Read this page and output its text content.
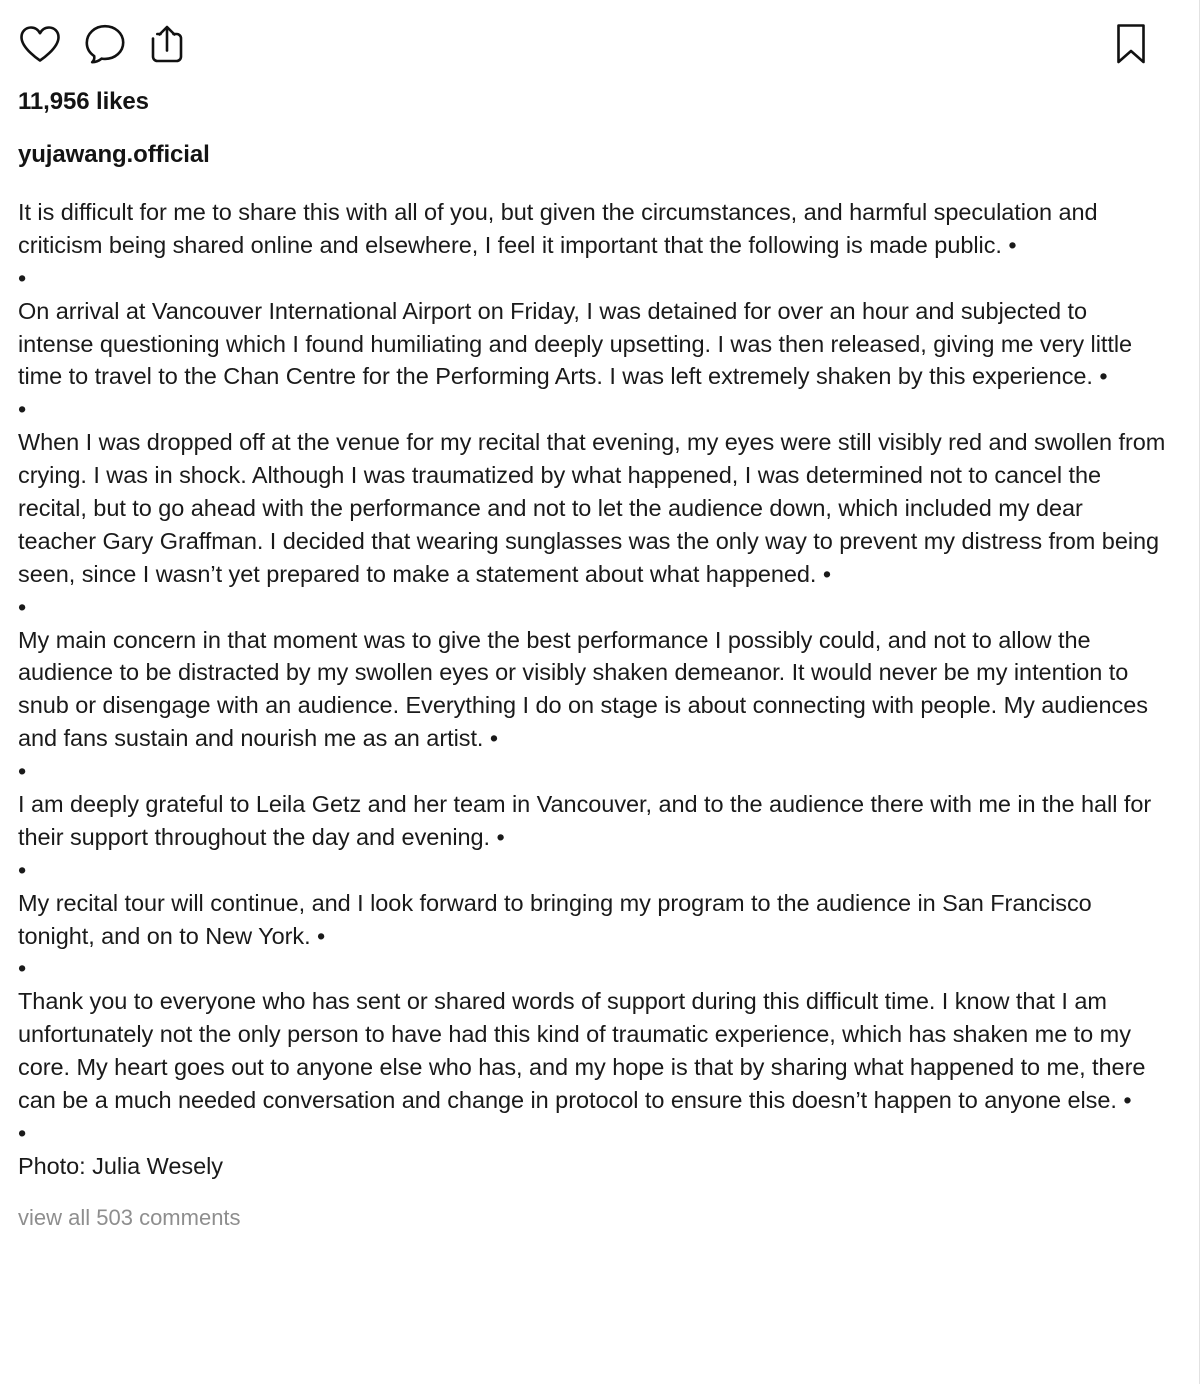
11,956 likes
yujawang.official

It is difficult for me to share this with all of you, but given the circumstances, and harmful speculation and criticism being shared online and elsewhere, I feel it important that the following is made public. •

•

On arrival at Vancouver International Airport on Friday, I was detained for over an hour and subjected to intense questioning which I found humiliating and deeply upsetting. I was then released, giving me very little time to travel to the Chan Centre for the Performing Arts. I was left extremely shaken by this experience. •

•

When I was dropped off at the venue for my recital that evening, my eyes were still visibly red and swollen from crying. I was in shock. Although I was traumatized by what happened, I was determined not to cancel the recital, but to go ahead with the performance and not to let the audience down, which included my dear teacher Gary Graffman. I decided that wearing sunglasses was the only way to prevent my distress from being seen, since I wasn’t yet prepared to make a statement about what happened. •

•

My main concern in that moment was to give the best performance I possibly could, and not to allow the audience to be distracted by my swollen eyes or visibly shaken demeanor. It would never be my intention to snub or disengage with an audience. Everything I do on stage is about connecting with people. My audiences and fans sustain and nourish me as an artist. •

•

I am deeply grateful to Leila Getz and her team in Vancouver, and to the audience there with me in the hall for their support throughout the day and evening. •

•

My recital tour will continue, and I look forward to bringing my program to the audience in San Francisco tonight, and on to New York. •

•

Thank you to everyone who has sent or shared words of support during this difficult time. I know that I am unfortunately not the only person to have had this kind of traumatic experience, which has shaken me to my core. My heart goes out to anyone else who has, and my hope is that by sharing what happened to me, there can be a much needed conversation and change in protocol to ensure this doesn’t happen to anyone else. •

•

Photo: Julia Wesely

view all 503 comments
